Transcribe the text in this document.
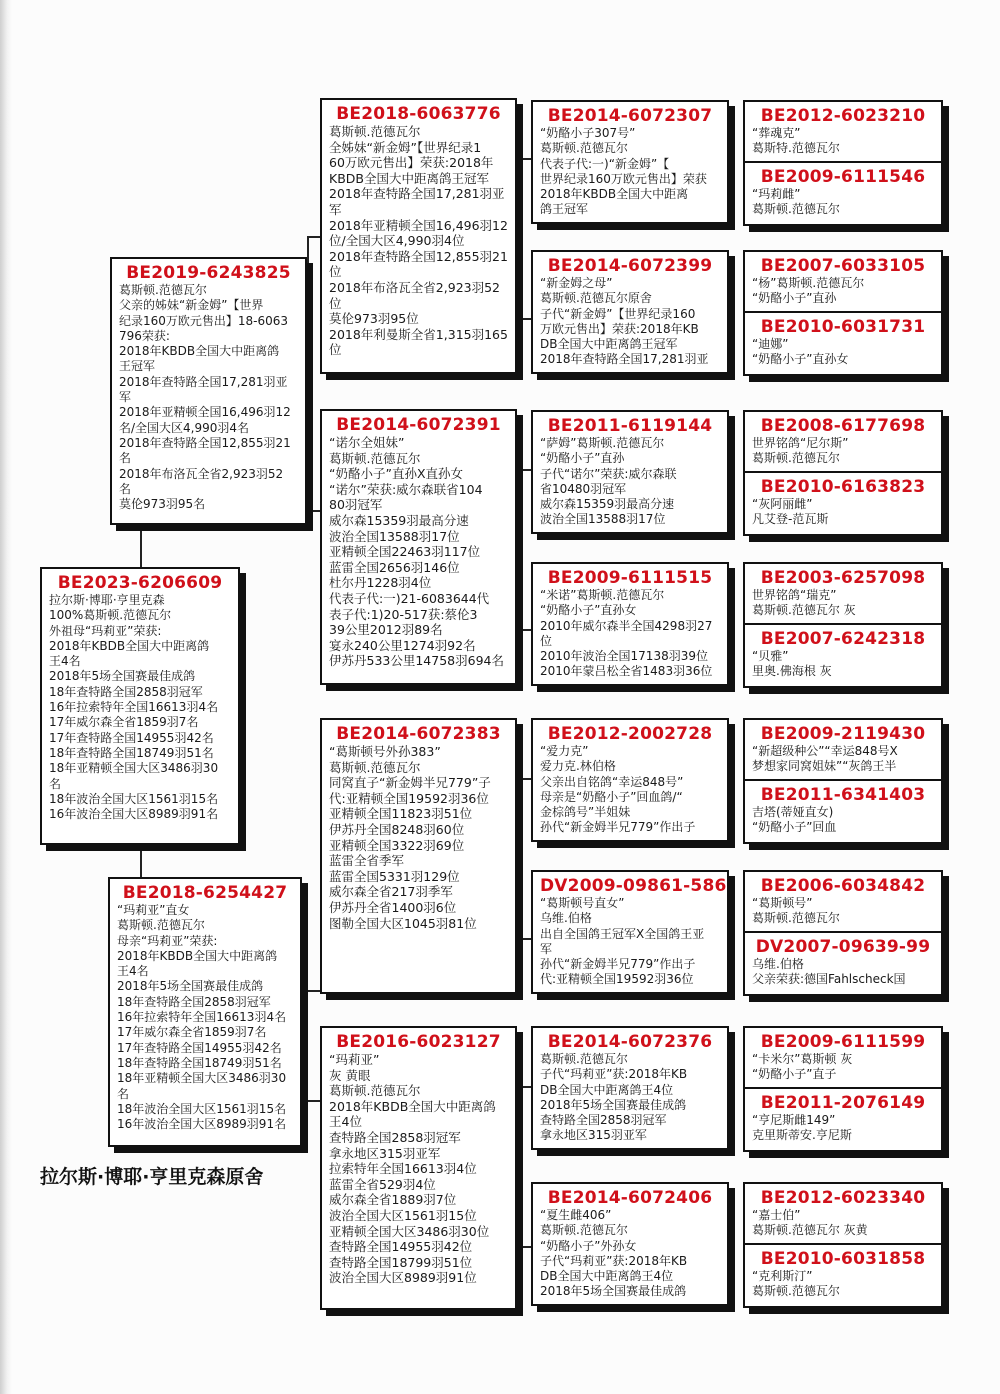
BE2023-6206609
拉尔斯·博耶·亨里克森
100%葛斯顿.范德瓦尔
外祖母“玛莉亚”荣获:
2018年KBDB全国大中距离鸽
王4名
2018年5场全国赛最佳成鸽
18年查特路全国2858羽冠军
16年拉索特年全国16613羽4名
17年威尔森全省1859羽7名
17年查特路全国14955羽42名
18年查特路全国18749羽51名
18年亚精顿全国大区3486羽30
名
18年波治全国大区1561羽15名
16年波治全国大区8989羽91名
BE2019-6243825
葛斯顿.范德瓦尔
父亲的姊妹“新金姆”【世界
纪录160万欧元售出】18-6063
796荣获:
2018年KBDB全国大中距离鸽
王冠军
2018年查特路全国17,281羽亚
军
2018年亚精顿全国16,496羽12
名/全国大区4,990羽4名
2018年查特路全国12,855羽21
名
2018年布洛瓦全省2,923羽52
名
莫伦973羽95名
BE2018-6254427
“玛莉亚”直女
葛斯顿.范德瓦尔
母亲“玛莉亚”荣获:
2018年KBDB全国大中距离鸽
王4名
2018年5场全国赛最佳成鸽
18年查特路全国2858羽冠军
16年拉索特年全国16613羽4名
17年威尔森全省1859羽7名
17年查特路全国14955羽42名
18年查特路全国18749羽51名
18年亚精顿全国大区3486羽30
名
18年波治全国大区1561羽15名
16年波治全国大区8989羽91名
拉尔斯·博耶·亨里克森原舍
BE2018-6063776
葛斯顿.范德瓦尔
全姊妹“新金姆”【世界纪录1
60万欧元售出】荣获:2018年
KBDB全国大中距离鸽王冠军
2018年查特路全国17,281羽亚
军
2018年亚精顿全国16,496羽12
位/全国大区4,990羽4位
2018年查特路全国12,855羽21
位
2018年布洛瓦全省2,923羽52
位
莫伦973羽95位
2018年利曼斯全省1,315羽165
位
BE2014-6072391
“诺尔全姐妹”
葛斯顿.范德瓦尔
“奶酪小子”直孙X直孙女
“诺尔”荣获:威尔森联省104
80羽冠军
威尔森15359羽最高分速
波治全国13588羽17位
亚精顿全国22463羽117位
蓝雷全国2656羽146位
杜尔丹1228羽4位
代表子代:一)21-6083644代
表子代:1)20-517获:蔡伦3
39公里2012羽89名
宴永240公里1274羽92名
伊苏丹533公里14758羽694名
BE2014-6072383
“葛斯顿号外孙383”
葛斯顿.范德瓦尔
同窝直子“新金姆半兄779”子
代:亚精顿全国19592羽36位
亚精顿全国11823羽51位
伊苏丹全国8248羽60位
亚精顿全国3322羽69位
蓝雷全省季军
蓝雷全国5331羽129位
威尔森全省217羽季军
伊苏丹全省1400羽6位
图勒全国大区1045羽81位
BE2016-6023127
“玛莉亚”
灰 黄眼
葛斯顿.范德瓦尔
2018年KBDB全国大中距离鸽
王4位
查特路全国2858羽冠军
拿永地区315羽亚军
拉索特年全国16613羽4位
蓝雷全省529羽4位
威尔森全省1889羽7位
波治全国大区1561羽15位
亚精顿全国大区3486羽30位
查特路全国14955羽42位
查特路全国18799羽51位
波治全国大区8989羽91位
BE2014-6072307
“奶酪小子307号”
葛斯顿.范德瓦尔
代表子代:一)“新金姆”【
世界纪录160万欧元售出】荣获
2018年KBDB全国大中距离
鸽王冠军
BE2014-6072399
“新金姆之母”
葛斯顿.范德瓦尔原舍
子代“新金姆”【世界纪录160
万欧元售出】荣获:2018年KB
DB全国大中距离鸽王冠军
2018年查特路全国17,281羽亚
BE2011-6119144
“萨姆”葛斯顿.范德瓦尔
“奶酪小子”直孙
子代“诺尔”荣获:威尔森联
省10480羽冠军
威尔森15359羽最高分速
波治全国13588羽17位
BE2009-6111515
“米诺”葛斯顿.范德瓦尔
“奶酪小子”直孙女
2010年威尔森半全国4298羽27
位
2010年波治全国17138羽39位
2010年蒙吕松全省1483羽36位
BE2012-2002728
“爱力克”
爱力克.林伯格
父亲出自铭鸽“幸运848号”
母亲是“奶酪小子”回血鸽/“
金棕鸽号”半姐妹
孙代“新金姆半兄779”作出子
DV2009-09861-586
“葛斯顿号直女”
乌维.伯格
出自全国鸽王冠军X全国鸽王亚
军
孙代“新金姆半兄779”作出子
代:亚精顿全国19592羽36位
BE2014-6072376
葛斯顿.范德瓦尔
子代“玛莉亚”获:2018年KB
DB全国大中距离鸽王4位
2018年5场全国赛最佳成鸽
查特路全国2858羽冠军
拿永地区315羽亚军
BE2014-6072406
“夏生雌406”
葛斯顿.范德瓦尔
“奶酪小子”外孙女
子代“玛莉亚”获:2018年KB
DB全国大中距离鸽王4位
2018年5场全国赛最佳成鸽
BE2012-6023210
“葬魂克”
葛斯特.范德瓦尔
BE2009-6111546
“玛莉雌”
葛斯顿.范德瓦尔
BE2007-6033105
“杨”葛斯顿.范德瓦尔
“奶酪小子”直孙
BE2010-6031731
“迪娜”
“奶酪小子”直孙女
BE2008-6177698
世界铭鸽“尼尔斯”
葛斯顿.范德瓦尔
BE2010-6163823
“灰阿丽雌”
凡艾登-范瓦斯
BE2003-6257098
世界铭鸽“瑞克”
葛斯顿.范德瓦尔 灰
BE2007-6242318
“贝雅”
里奥.佛海根 灰
BE2009-2119430
“新超级种公”“幸运848号X
梦想家同窝姐妹”“灰鸽王半
BE2011-6341403
吉塔(蒂娅直女)
“奶酪小子”回血
BE2006-6034842
“葛斯顿号”
葛斯顿.范德瓦尔
DV2007-09639-99
乌维.伯格
父亲荣获:德国Fahlscheck国
BE2009-6111599
“卡米尔”葛斯顿 灰
“奶酪小子”直子
BE2011-2076149
“亨尼斯雌149”
克里斯蒂安.亨尼斯
BE2012-6023340
“嘉士伯”
葛斯顿.范德瓦尔 灰黄
BE2010-6031858
“克利斯汀”
葛斯顿.范德瓦尔
